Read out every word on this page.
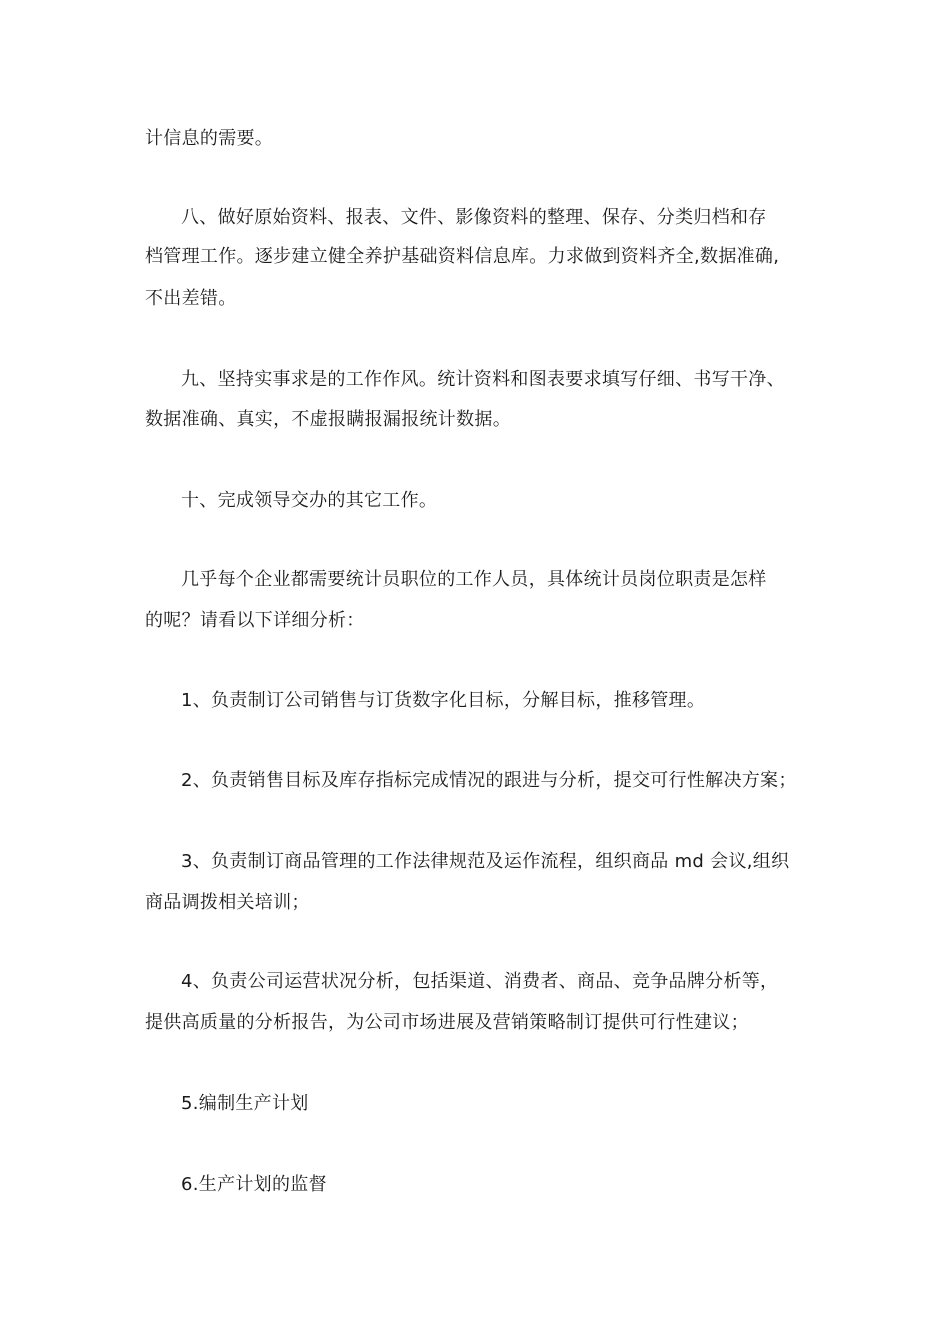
计信息的需要。
八、做好原始资料、报表、文件、影像资料的整理、保存、分类归档和存
档管理工作。逐步建立健全养护基础资料信息库。力求做到资料齐全,数据准确,
不出差错。
九、坚持实事求是的工作作风。统计资料和图表要求填写仔细、书写干净、
数据准确、真实，不虚报瞒报漏报统计数据。
十、完成领导交办的其它工作。
几乎每个企业都需要统计员职位的工作人员，具体统计员岗位职责是怎样
的呢？请看以下详细分析：
1、负责制订公司销售与订货数字化目标，分解目标，推移管理。
2、负责销售目标及库存指标完成情况的跟进与分析，提交可行性解决方案；
3、负责制订商品管理的工作法律规范及运作流程，组织商品 md 会议,组织
商品调拨相关培训；
4、负责公司运营状况分析，包括渠道、消费者、商品、竞争品牌分析等，
提供高质量的分析报告，为公司市场进展及营销策略制订提供可行性建议；
5.编制生产计划
6.生产计划的监督
